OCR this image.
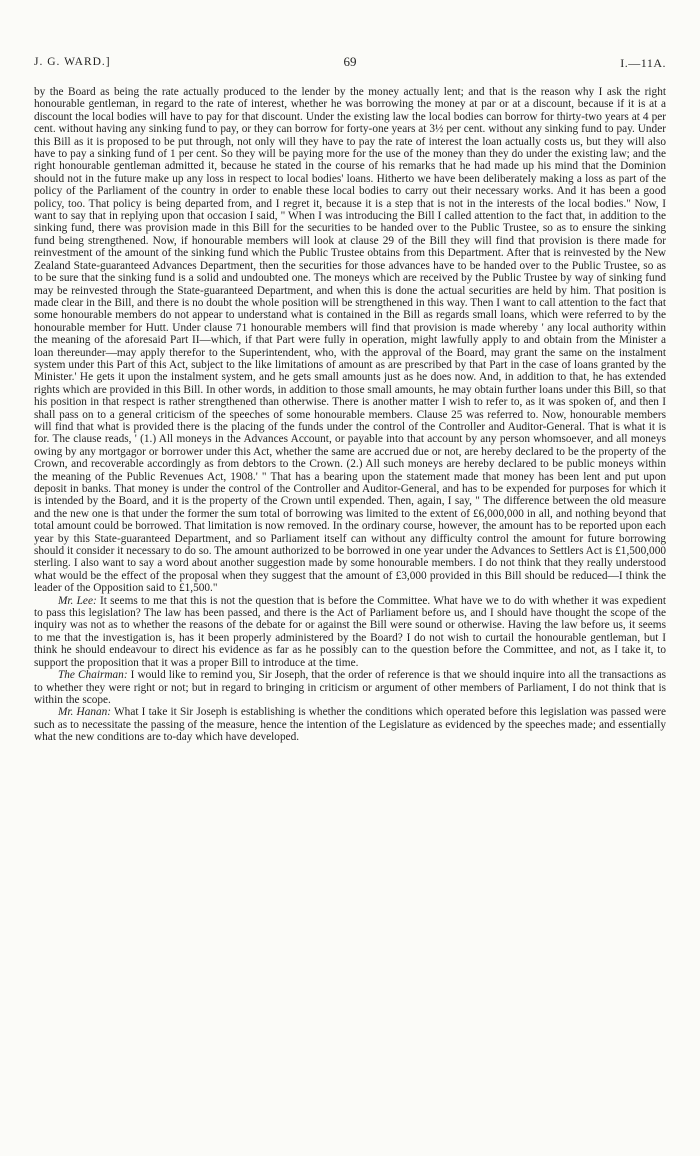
J. G. WARD.]	69	I.—11A.

by the Board as being the rate actually produced to the lender by the money actually lent; and that is the reason why I ask the right honourable gentleman, in regard to the rate of interest, whether he was borrowing the money at par or at a discount, because if it is at a discount the local bodies will have to pay for that discount. Under the existing law the local bodies can borrow for thirty-two years at 4 per cent. without having any sinking fund to pay, or they can borrow for forty-one years at 3½ per cent. without any sinking fund to pay. Under this Bill as it is proposed to be put through, not only will they have to pay the rate of interest the loan actually costs us, but they will also have to pay a sinking fund of 1 per cent. So they will be paying more for the use of the money than they do under the existing law; and the right honourable gentleman admitted it, because he stated in the course of his remarks that he had made up his mind that the Dominion should not in the future make up any loss in respect to local bodies' loans. Hitherto we have been deliberately making a loss as part of the policy of the Parliament of the country in order to enable these local bodies to carry out their necessary works. And it has been a good policy, too. That policy is being departed from, and I regret it, because it is a step that is not in the interests of the local bodies." Now, I want to say that in replying upon that occasion I said, " When I was introducing the Bill I called attention to the fact that, in addition to the sinking fund, there was provision made in this Bill for the securities to be handed over to the Public Trustee, so as to ensure the sinking fund being strengthened. Now, if honourable members will look at clause 29 of the Bill they will find that provision is there made for reinvestment of the amount of the sinking fund which the Public Trustee obtains from this Department. After that is reinvested by the New Zealand State-guaranteed Advances Department, then the securities for those advances have to be handed over to the Public Trustee, so as to be sure that the sinking fund is a solid and undoubted one. The moneys which are received by the Public Trustee by way of sinking fund may be reinvested through the State-guaranteed Department, and when this is done the actual securities are held by him. That position is made clear in the Bill, and there is no doubt the whole position will be strengthened in this way. Then I want to call attention to the fact that some honourable members do not appear to understand what is contained in the Bill as regards small loans, which were referred to by the honourable member for Hutt. Under clause 71 honourable members will find that provision is made whereby ' any local authority within the meaning of the aforesaid Part II—which, if that Part were fully in operation, might lawfully apply to and obtain from the Minister a loan thereunder—may apply therefor to the Superintendent, who, with the approval of the Board, may grant the same on the instalment system under this Part of this Act, subject to the like limitations of amount as are prescribed by that Part in the case of loans granted by the Minister.' He gets it upon the instalment system, and he gets small amounts just as he does now. And, in addition to that, he has extended rights which are provided in this Bill. In other words, in addition to those small amounts, he may obtain further loans under this Bill, so that his position in that respect is rather strengthened than otherwise. There is another matter I wish to refer to, as it was spoken of, and then I shall pass on to a general criticism of the speeches of some honourable members. Clause 25 was referred to. Now, honourable members will find that what is provided there is the placing of the funds under the control of the Controller and Auditor-General. That is what it is for. The clause reads, ' (1.) All moneys in the Advances Account, or payable into that account by any person whomsoever, and all moneys owing by any mortgagor or borrower under this Act, whether the same are accrued due or not, are hereby declared to be the property of the Crown, and recoverable accordingly as from debtors to the Crown. (2.) All such moneys are hereby declared to be public moneys within the meaning of the Public Revenues Act, 1908.' " That has a bearing upon the statement made that money has been lent and put upon deposit in banks. That money is under the control of the Controller and Auditor-General, and has to be expended for purposes for which it is intended by the Board, and it is the property of the Crown until expended. Then, again, I say, " The difference between the old measure and the new one is that under the former the sum total of borrowing was limited to the extent of £6,000,000 in all, and nothing beyond that total amount could be borrowed. That limitation is now removed. In the ordinary course, however, the amount has to be reported upon each year by this State-guaranteed Department, and so Parliament itself can without any difficulty control the amount for future borrowing should it consider it necessary to do so. The amount authorized to be borrowed in one year under the Advances to Settlers Act is £1,500,000 sterling. I also want to say a word about another suggestion made by some honourable members. I do not think that they really understood what would be the effect of the proposal when they suggest that the amount of £3,000 provided in this Bill should be reduced—I think the leader of the Opposition said to £1,500."

Mr. Lee: It seems to me that this is not the question that is before the Committee. What have we to do with whether it was expedient to pass this legislation? The law has been passed, and there is the Act of Parliament before us, and I should have thought the scope of the inquiry was not as to whether the reasons of the debate for or against the Bill were sound or otherwise. Having the law before us, it seems to me that the investigation is, has it been properly administered by the Board? I do not wish to curtail the honourable gentleman, but I think he should endeavour to direct his evidence as far as he possibly can to the question before the Committee, and not, as I take it, to support the proposition that it was a proper Bill to introduce at the time.

The Chairman: I would like to remind you, Sir Joseph, that the order of reference is that we should inquire into all the transactions as to whether they were right or not; but in regard to bringing in criticism or argument of other members of Parliament, I do not think that is within the scope.

Mr. Hanan: What I take it Sir Joseph is establishing is whether the conditions which operated before this legislation was passed were such as to necessitate the passing of the measure, hence the intention of the Legislature as evidenced by the speeches made; and essentially what the new conditions are to-day which have developed.
